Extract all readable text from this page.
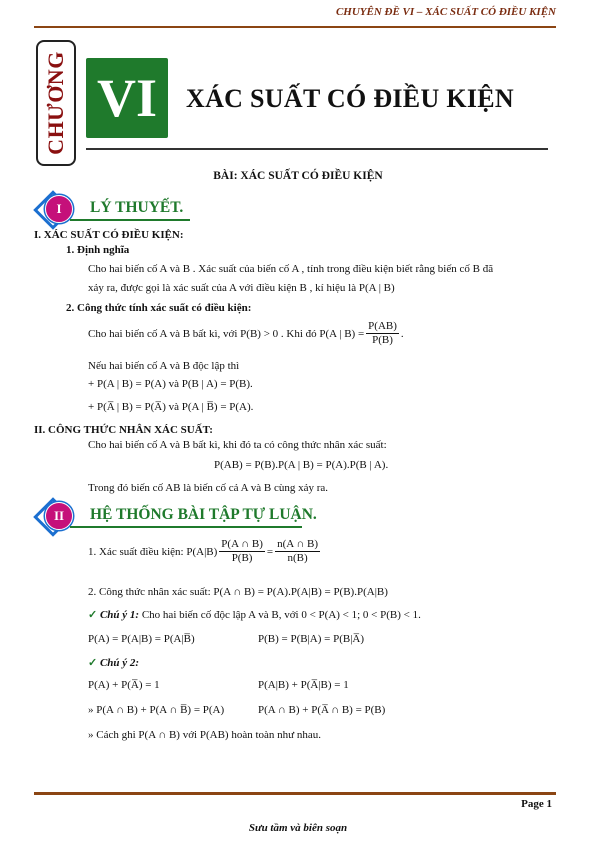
CHUYÊN ĐỀ VI – XÁC SUẤT CÓ ĐIỀU KIỆN
CHƯƠNG VI	XÁC SUẤT CÓ ĐIỀU KIỆN
BÀI: XÁC SUẤT CÓ ĐIỀU KIỆN
I	LÝ THUYẾT.
I. XÁC SUẤT CÓ ĐIỀU KIỆN:
1. Định nghĩa
Cho hai biến cố A và B . Xác suất của biến cố A , tính trong điều kiện biết rằng biến cố B đã
xảy ra, được gọi là xác suất của A với điều kiện B , kí hiệu là P(A | B)
2. Công thức tính xác suất có điều kiện:
Cho hai biến cố A và B bất kì, với P(B) > 0 . Khi đó P(A | $B) = \frac{P(AB)}{P(B)}$ .
Nếu hai biến cố A và B độc lập thì
+ P(A | B) = P(A) và P(B | A) = P(B).
+ P(A̅ | B) = P(A̅) và P(A | B̅) = P(A).
II. CÔNG THỨC NHÂN XÁC SUẤT:
Cho hai biến cố A và B bất kì, khi đó ta có công thức nhân xác suất:
P(AB) = P(B).P(A | B) = P(A).P(B | A).
Trong đó biến cố AB là biến cố cả A và B cùng xảy ra.
II	HỆ THỐNG BÀI TẬP TỰ LUẬN.
1. Xác suất điều kiện: $P(A|B) \frac{P(A \cap B)}{P(B)} = \frac{n(A \cap B)}{n(B)}$
2. Công thức nhân xác suất: P(A ∩ B) = P(A).P(A|B) = P(B).P(A|B)
✓ Chú ý 1: Cho hai biến cố độc lập A và B, với 0 < P(A) < 1; 0 < P(B) < 1.
P(A) = P(A|B) = P(A|B̅)	P(B) = P(B|A) = P(B|A̅)
✓ Chú ý 2:
P(A) + P(A̅) = 1	P(A|B) + P(A̅|B) = 1
» P(A ∩ B) + P(A ∩ B̅) = P(A)	P(A ∩ B) + P(A̅ ∩ B) = P(B)
» Cách ghi P(A ∩ B) với P(AB) hoàn toàn như nhau.
Page 1
Sưu tầm và biên soạn
